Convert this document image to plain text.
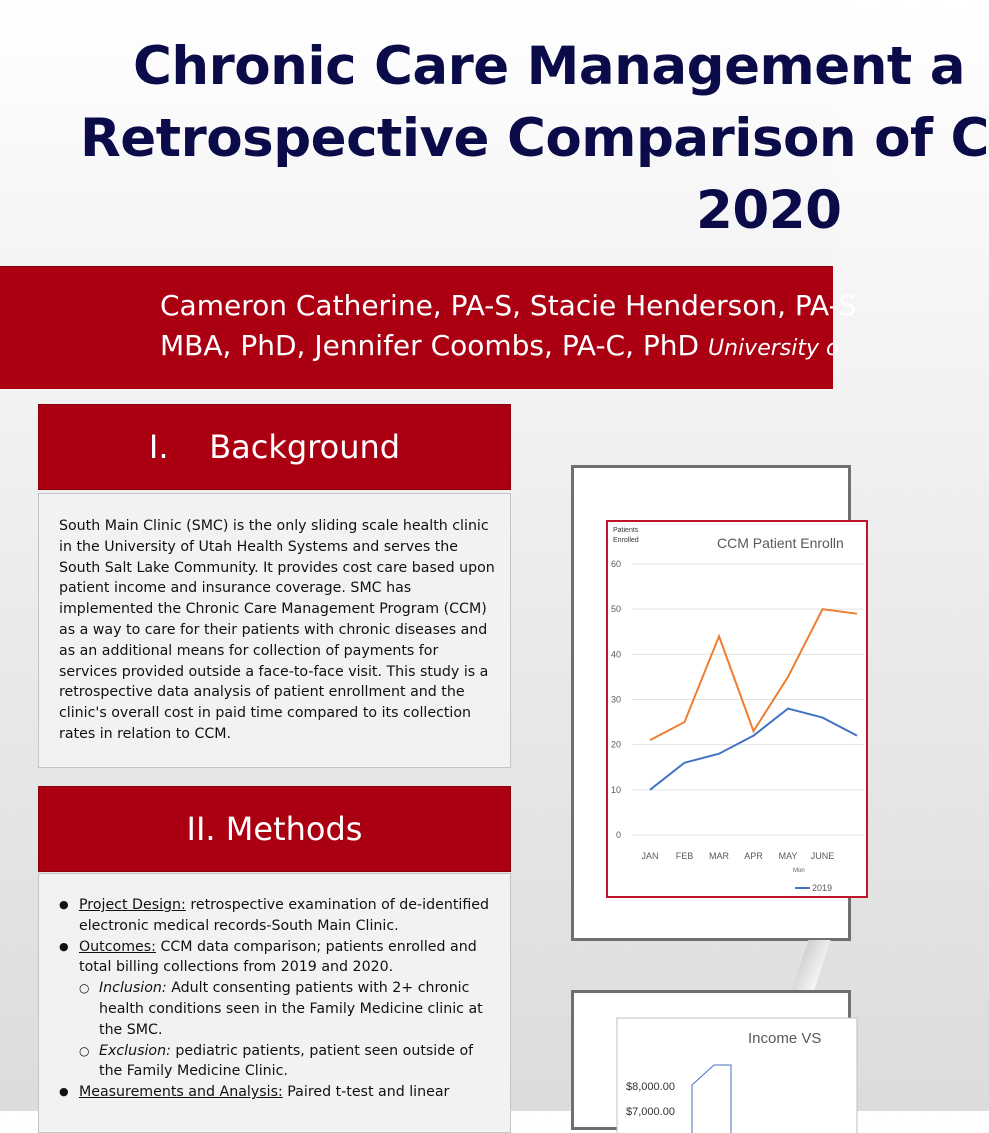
Chronic Care Management a
Retrospective Comparison of C
2020
Cameron Catherine, PA-S, Stacie Henderson, PA-S
MBA, PhD, Jennifer Coombs, PA-C, PhD University o
I.    Background
South Main Clinic (SMC) is the only sliding scale health clinic in the University of Utah Health Systems and serves the South Salt Lake Community. It provides cost care based upon patient income and insurance coverage. SMC has implemented the Chronic Care Management Program (CCM) as a way to care for their patients with chronic diseases and as an additional means for collection of payments for services provided outside a face-to-face visit. This study is a retrospective data analysis of patient enrollment and the clinic's overall cost in paid time compared to its collection rates in relation to CCM.
II. Methods
● Project Design: retrospective examination of de-identified electronic medical records-South Main Clinic.
● Outcomes: CCM data comparison; patients enrolled and total billing collections from 2019 and 2020.
○ Inclusion: Adult consenting patients with 2+ chronic health conditions seen in the Family Medicine clinic at the SMC.
○ Exclusion: pediatric patients, patient seen outside of the Family Medicine Clinic.
● Measurements and Analysis: Paired t-test and linear
Patients
Enrolled	CCM Patient Enrolln
Mon
0
10
20
30
40
50
60
JAN FEB MAR APR MAY JUNE
2019
Income VS
$8,000.00
$7,000.00
